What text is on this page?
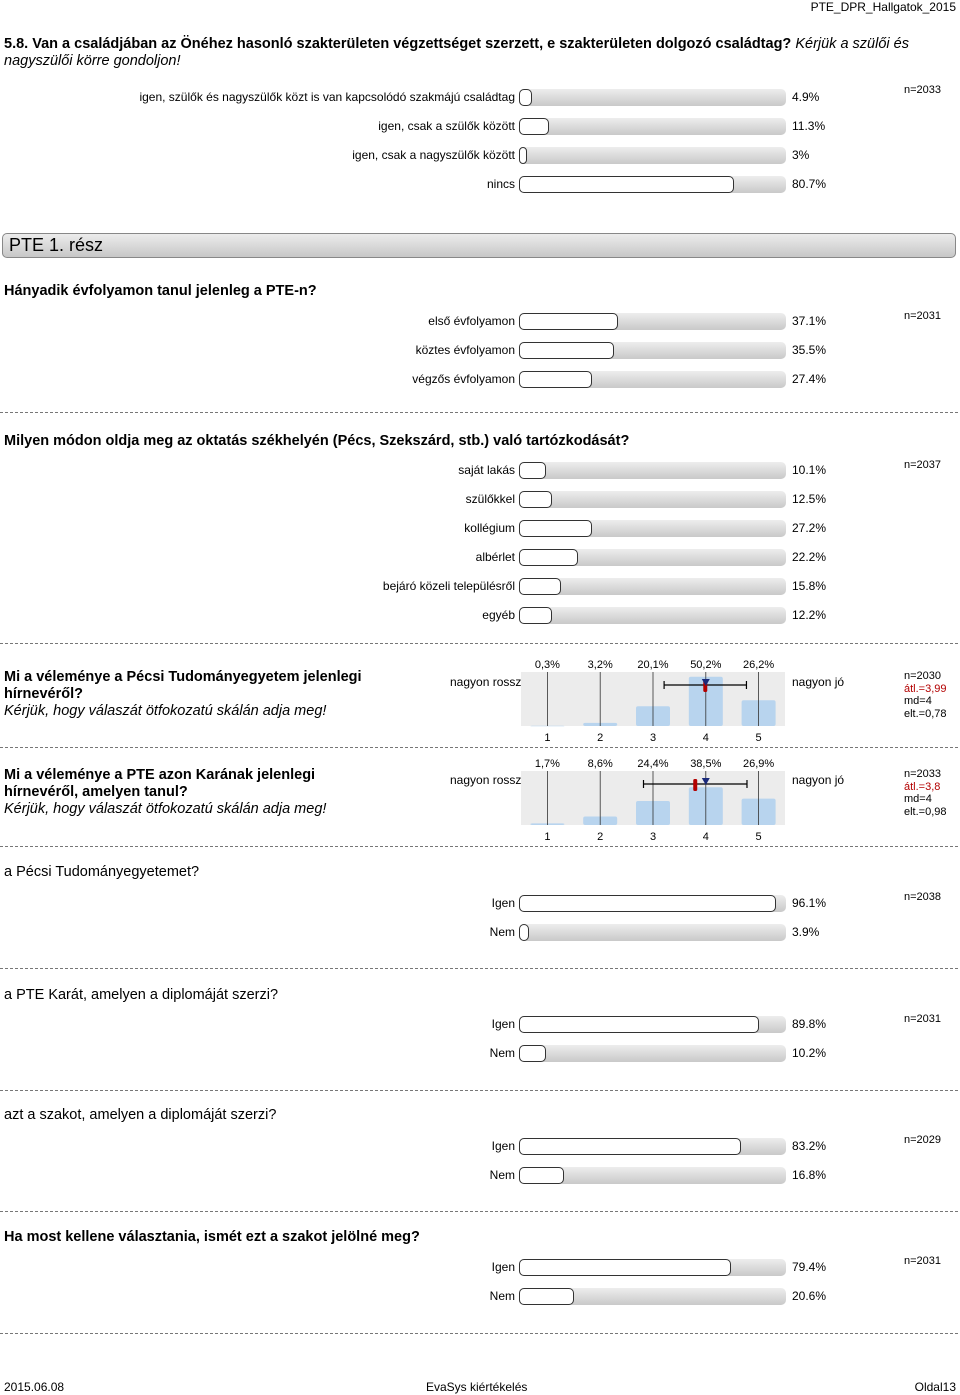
PTE_DPR_Hallgatok_2015
5.8. Van a családjában az Önéhez hasonló szakterületen végzettséget szerzett, e szakterületen dolgozó családtag? Kérjük a szülői és nagyszülői körre gondoljon!
n=2033
igen, szülők és nagyszülők közt is van kapcsolódó szakmájú családtag	4.9%
igen, csak a szülők között	11.3%
igen, csak a nagyszülők között	3%
nincs	80.7%
PTE 1. rész
Hányadik évfolyamon tanul jelenleg a PTE-n?
n=2031
első évfolyamon	37.1%
köztes évfolyamon	35.5%
végzős évfolyamon	27.4%
Milyen módon oldja meg az oktatás székhelyén (Pécs, Szekszárd, stb.) való tartózkodását?
n=2037
saját lakás	10.1%
szülőkkel	12.5%
kollégium	27.2%
albérlet	22.2%
bejáró közeli településről	15.8%
egyéb	12.2%
Mi a véleménye a Pécsi Tudományegyetem jelenlegi hírnevéről?
Kérjük, hogy válaszát ötfokozatú skálán adja meg!
nagyon rossz	nagyon jó
0,3%
1
3,2%
2
20,1%
3
50,2%
4
26,2%
5
n=2030
átl.=3,99
md=4
elt.=0,78
Mi a véleménye a PTE azon Karának jelenlegi hírnevéről, amelyen tanul?
Kérjük, hogy válaszát ötfokozatú skálán adja meg!
nagyon rossz	nagyon jó
1,7%
1
8,6%
2
24,4%
3
38,5%
4
26,9%
5
n=2033
átl.=3,8
md=4
elt.=0,98
a Pécsi Tudományegyetemet?
n=2038
Igen	96.1%
Nem	3.9%
a PTE Karát, amelyen a diplomáját szerzi?
n=2031
Igen	89.8%
Nem	10.2%
azt a szakot, amelyen a diplomáját szerzi?
n=2029
Igen	83.2%
Nem	16.8%
Ha most kellene választania, ismét ezt a szakot jelölné meg?
n=2031
Igen	79.4%
Nem	20.6%
2015.06.08	EvaSys kiértékelés	Oldal13
